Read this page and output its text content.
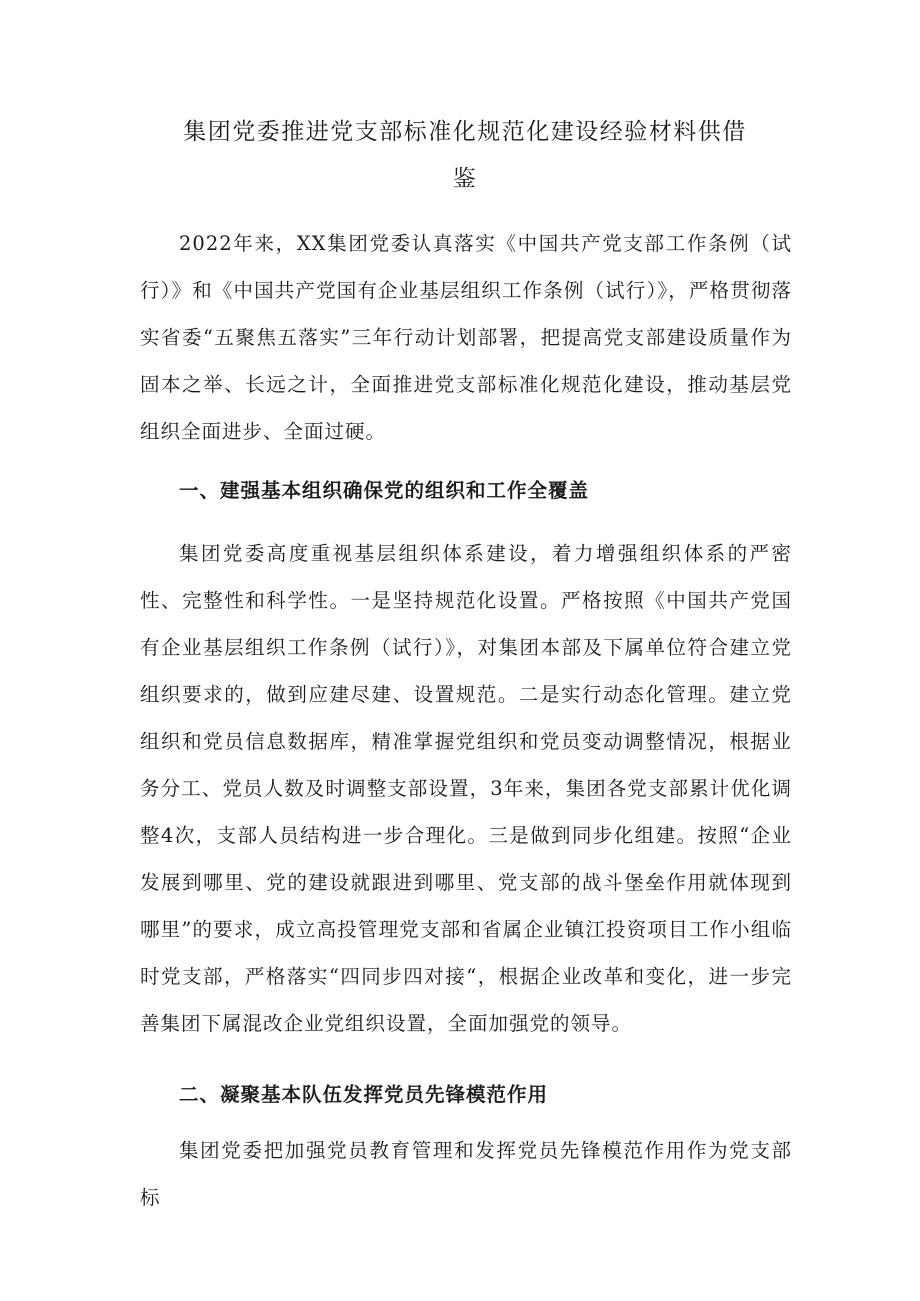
集团党委推进党支部标准化规范化建设经验材料供借
鉴

2022年来，XX集团党委认真落实《中国共产党支部工作条例（试行）》和《中国共产党国有企业基层组织工作条例（试行）》，严格贯彻落实省委“五聚焦五落实”三年行动计划部署，把提高党支部建设质量作为固本之举、长远之计，全面推进党支部标准化规范化建设，推动基层党组织全面进步、全面过硬。

一、建强基本组织确保党的组织和工作全覆盖

集团党委高度重视基层组织体系建设，着力增强组织体系的严密性、完整性和科学性。一是坚持规范化设置。严格按照《中国共产党国有企业基层组织工作条例（试行）》，对集团本部及下属单位符合建立党组织要求的，做到应建尽建、设置规范。二是实行动态化管理。建立党组织和党员信息数据库，精准掌握党组织和党员变动调整情况，根据业务分工、党员人数及时调整支部设置，3年来，集团各党支部累计优化调整4次，支部人员结构进一步合理化。三是做到同步化组建。按照“企业发展到哪里、党的建设就跟进到哪里、党支部的战斗堡垒作用就体现到哪里”的要求，成立高投管理党支部和省属企业镇江投资项目工作小组临时党支部，严格落实“四同步四对接“，根据企业改革和变化，进一步完善集团下属混改企业党组织设置，全面加强党的领导。

二、凝聚基本队伍发挥党员先锋模范作用

集团党委把加强党员教育管理和发挥党员先锋模范作用作为党支部标
